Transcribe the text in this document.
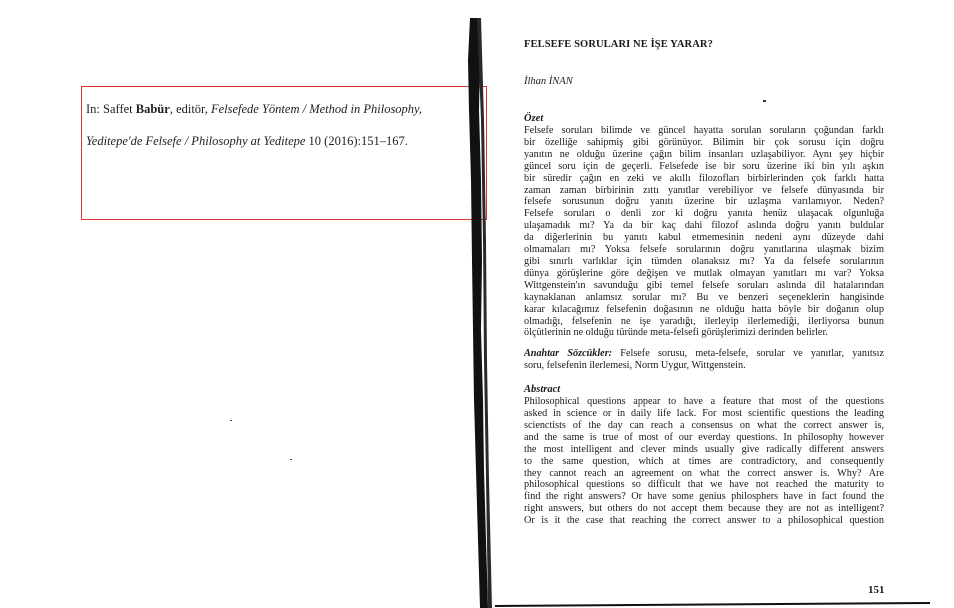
In: Saffet Babür, editör, Felsefede Yöntem / Method in Philosophy,
Yeditepe'de Felsefe / Philosophy at Yeditepe 10 (2016):151–167.
FELSEFE SORULARI NE İŞE YARAR?
İlhan İNAN
Özet
Felsefe soruları bilimde ve güncel hayatta sorulan soruların çoğundan farklı
bir özelliğe sahipmiş gibi görünüyor. Bilimin bir çok sorusu için doğru
yanıtın ne olduğu üzerine çağın bilim insanları uzlaşabiliyor. Aynı şey hiçbir
güncel soru için de geçerli. Felsefede ise bir soru üzerine iki bin yılı aşkın
bir süredir çağın en zeki ve akıllı filozofları birbirlerinden çok farklı hatta
zaman zaman birbirinin zıttı yanıtlar verebiliyor ve felsefe dünyasında bir
felsefe sorusunun doğru yanıtı üzerine bir uzlaşma varılamıyor. Neden?
Felsefe soruları o denli zor ki doğru yanıta henüz ulaşacak olgunluğa
ulaşamadık mı? Ya da bir kaç dahi filozof aslında doğru yanıtı buldular
da diğerlerinin bu yanıtı kabul etmemesinin nedeni aynı düzeyde dahi
olmamaları mı? Yoksa felsefe sorularının doğru yanıtlarına ulaşmak bizim
gibi sınırlı varlıklar için tümden olanaksız mı? Ya da felsefe sorularının
dünya görüşlerine göre değişen ve mutlak olmayan yanıtları mı var? Yoksa
Wittgenstein'ın savunduğu gibi temel felsefe soruları aslında dil hatalarından
kaynaklanan anlamsız sorular mı? Bu ve benzeri seçeneklerin hangisinde
karar kılacağımız felsefenin doğasının ne olduğu hatta böyle bir doğanın olup
olmadığı, felsefenin ne işe yaradığı, ilerleyip ilerlemediği, ilerliyorsa bunun
ölçütlerinin ne olduğu türünde meta-felsefi görüşlerimizi derinden belirler.
Anahtar Sözcükler: Felsefe sorusu, meta-felsefe, sorular ve yanıtlar, yanıtsız
soru, felsefenin ilerlemesi, Norm Uygur, Wittgenstein.
Abstract
Philosophical questions appear to have a feature that most of the questions
asked in science or in daily life lack. For most scientific questions the leading
scienctists of the day can reach a consensus on what the correct answer is,
and the same is true of most of our everday questions. In philosophy however
the most intelligent and clever minds usually give radically different answers
to the same question, which at times are contradictory, and consequently
they cannot reach an agreement on what the correct answer is. Why? Are
philosophical questions so difficult that we have not reached the maturity to
find the right answers? Or have some genius philosphers have in fact found the
right answers, but others do not accept them because they are not as intelligent?
Or is it the case that reaching the correct answer to a philosophical question
151
